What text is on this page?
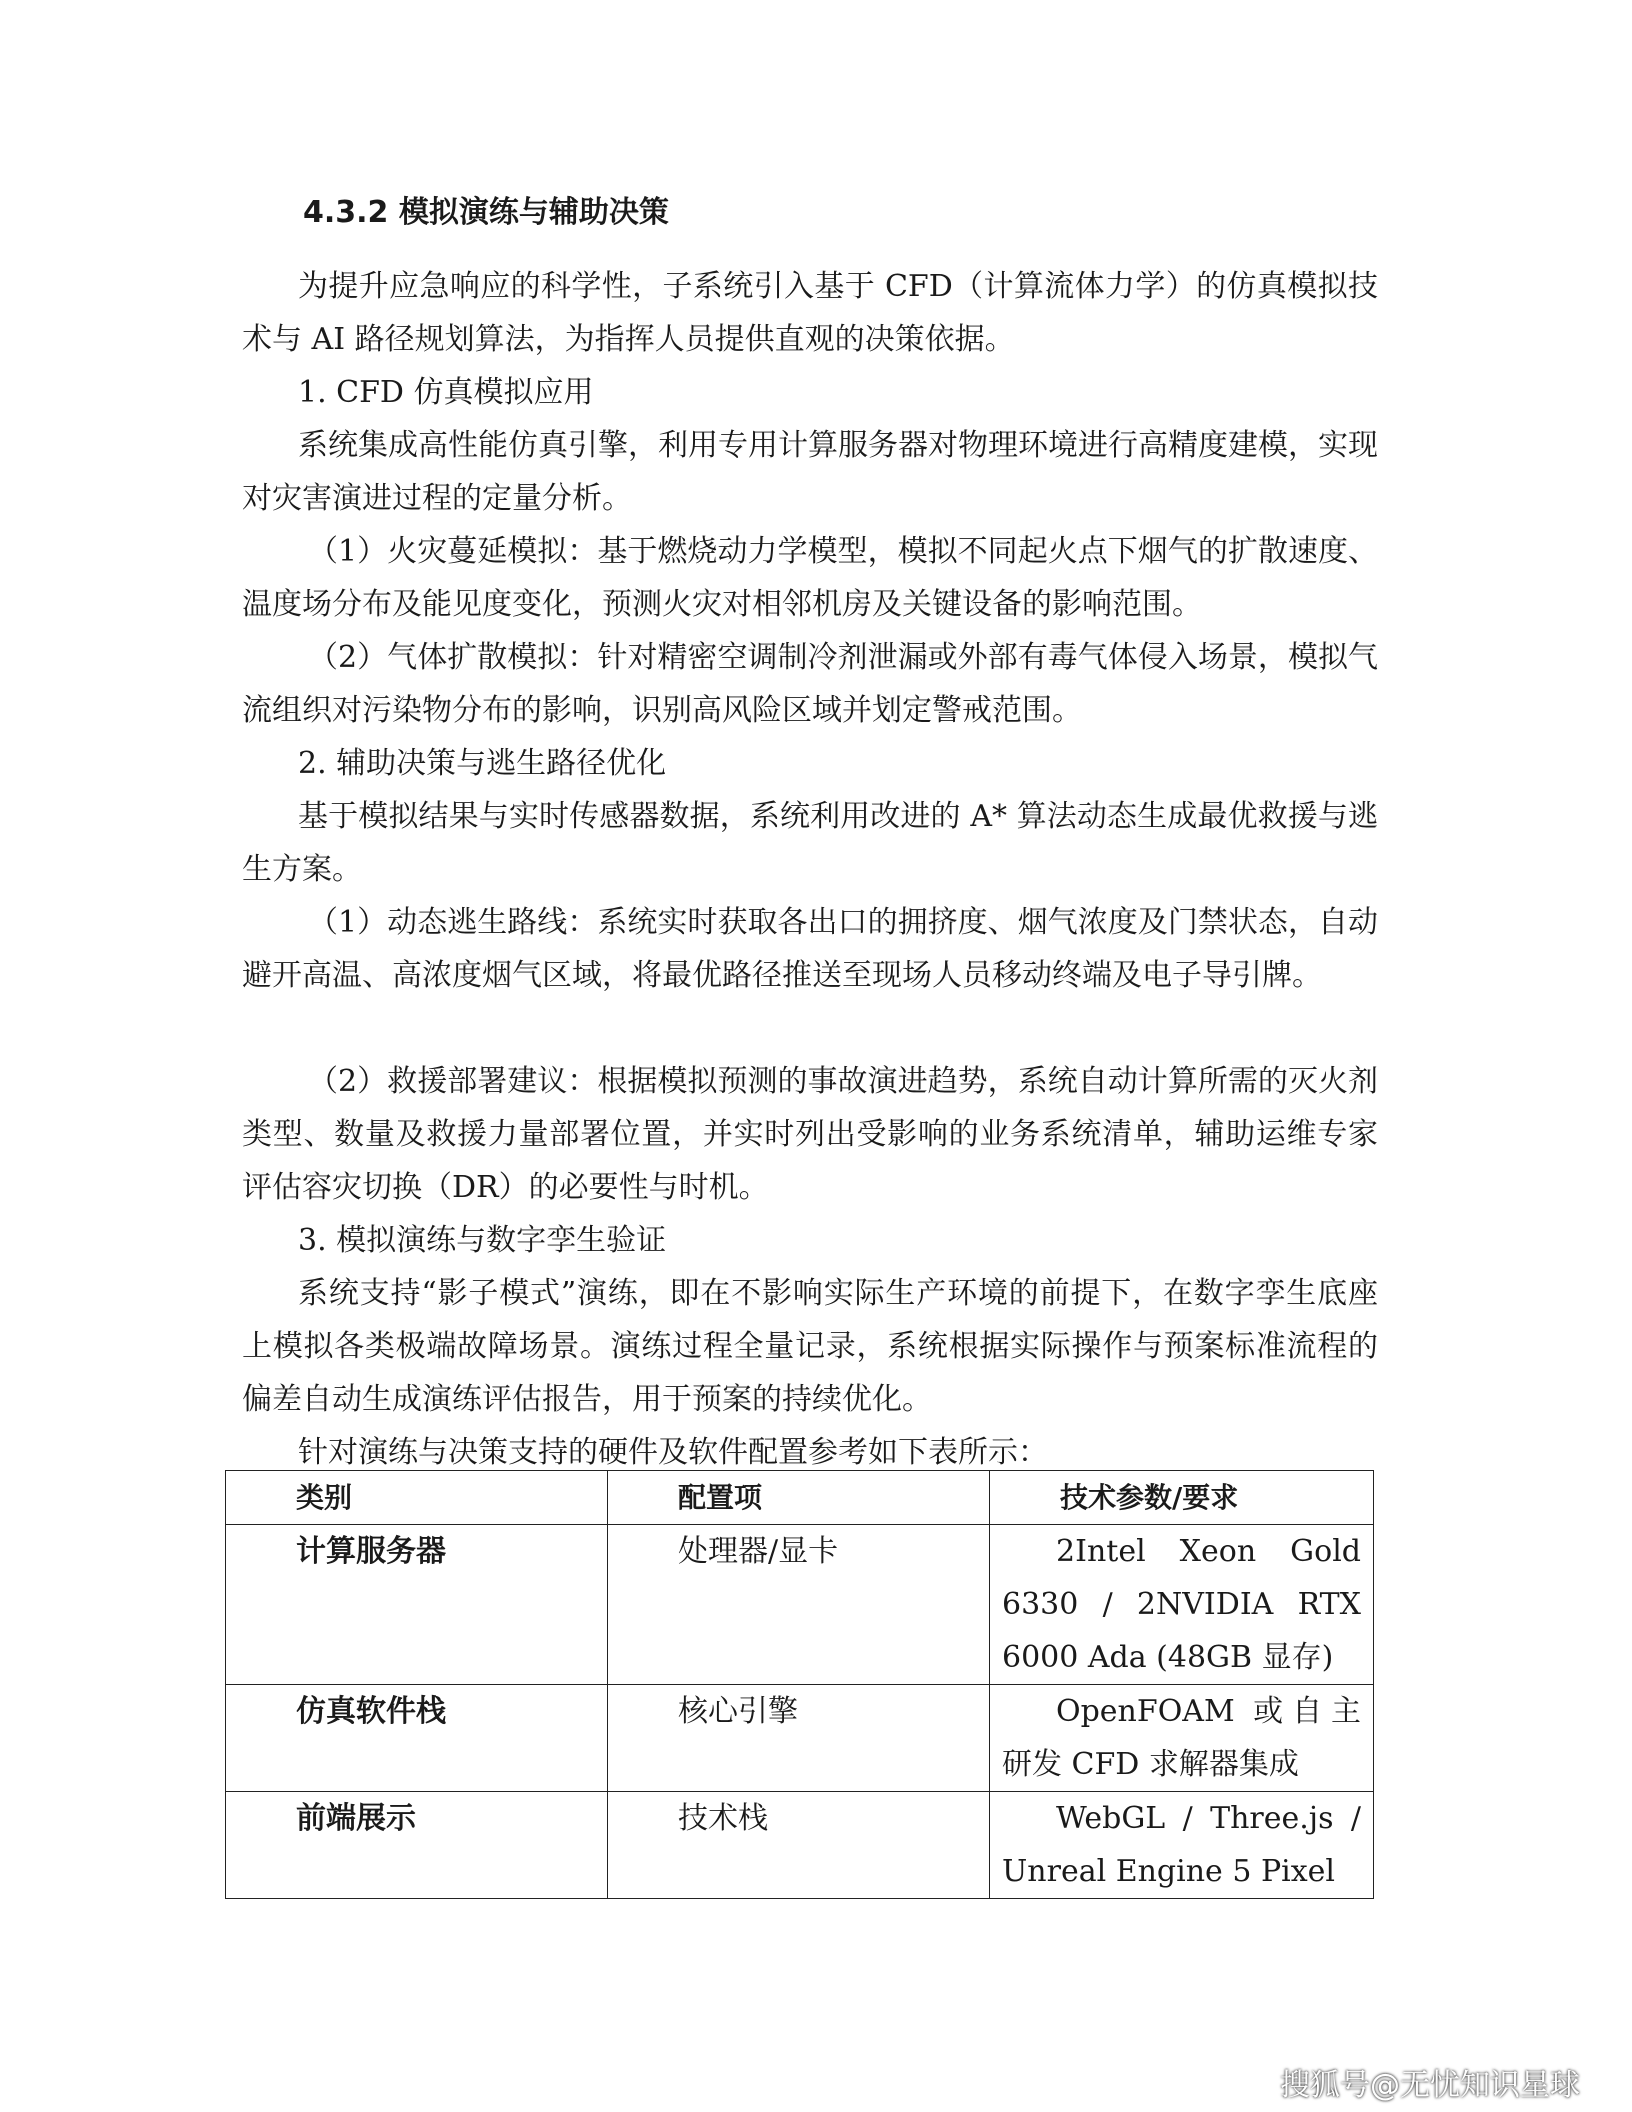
4.3.2 模拟演练与辅助决策

为提升应急响应的科学性，子系统引入基于 CFD（计算流体力学）的仿真模拟技术与 AI 路径规划算法，为指挥人员提供直观的决策依据。

1. CFD 仿真模拟应用

系统集成高性能仿真引擎，利用专用计算服务器对物理环境进行高精度建模，实现对灾害演进过程的定量分析。

（1）火灾蔓延模拟：基于燃烧动力学模型，模拟不同起火点下烟气的扩散速度、温度场分布及能见度变化，预测火灾对相邻机房及关键设备的影响范围。

（2）气体扩散模拟：针对精密空调制冷剂泄漏或外部有毒气体侵入场景，模拟气流组织对污染物分布的影响，识别高风险区域并划定警戒范围。

2. 辅助决策与逃生路径优化

基于模拟结果与实时传感器数据，系统利用改进的 A* 算法动态生成最优救援与逃生方案。

（1）动态逃生路线：系统实时获取各出口的拥挤度、烟气浓度及门禁状态，自动避开高温、高浓度烟气区域，将最优路径推送至现场人员移动终端及电子导引牌。

（2）救援部署建议：根据模拟预测的事故演进趋势，系统自动计算所需的灭火剂类型、数量及救援力量部署位置，并实时列出受影响的业务系统清单，辅助运维专家评估容灾切换（DR）的必要性与时机。

3. 模拟演练与数字孪生验证

系统支持“影子模式”演练，即在不影响实际生产环境的前提下，在数字孪生底座上模拟各类极端故障场景。演练过程全量记录，系统根据实际操作与预案标准流程的偏差自动生成演练评估报告，用于预案的持续优化。

针对演练与决策支持的硬件及软件配置参考如下表所示：

类别	配置项	技术参数/要求
计算服务器	处理器/显卡	2Intel Xeon Gold 6330 / 2NVIDIA RTX 6000 Ada (48GB 显存)
仿真软件栈	核心引擎	OpenFOAM 或自主研发 CFD 求解器集成
前端展示	技术栈	WebGL / Three.js / Unreal Engine 5 Pixel
搜狐号@无忧知识星球
